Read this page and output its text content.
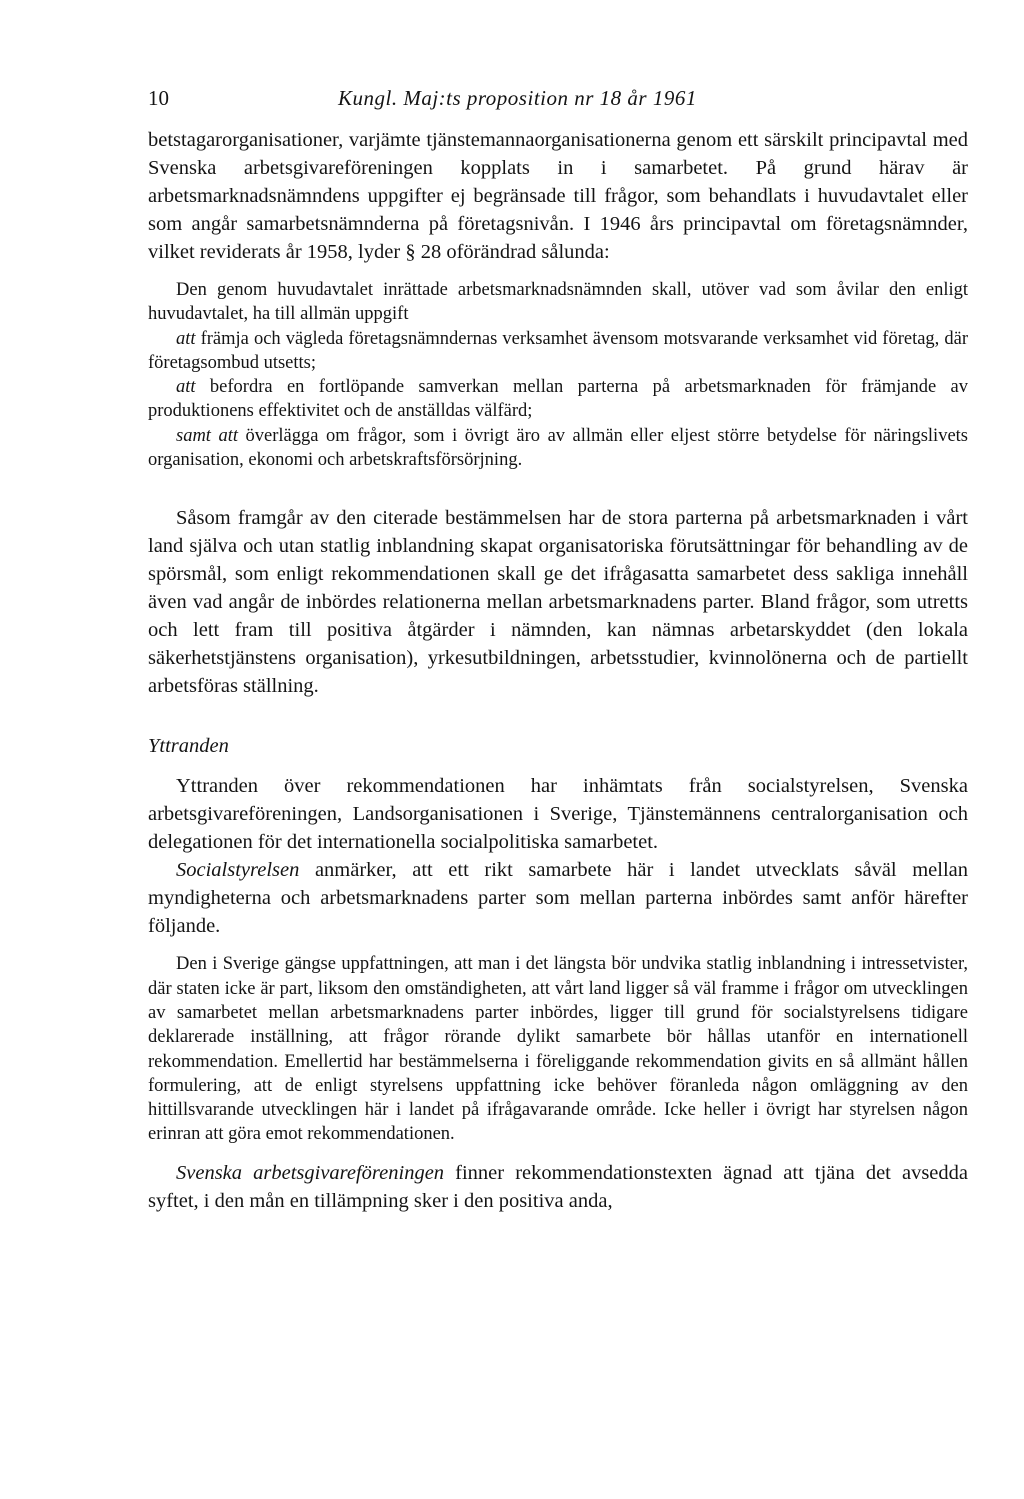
10	Kungl. Maj:ts proposition nr 18 år 1961

betstagarorganisationer, varjämte tjänstemannaorganisationerna genom ett särskilt principavtal med Svenska arbetsgivareföreningen kopplats in i samarbetet. På grund härav är arbetsmarknadsnämndens uppgifter ej begränsade till frågor, som behandlats i huvudavtalet eller som angår samarbetsnämnderna på företagsnivån. I 1946 års principavtal om företagsnämnder, vilket reviderats år 1958, lyder § 28 oförändrad sålunda:

Den genom huvudavtalet inrättade arbetsmarknadsnämnden skall, utöver vad som åvilar den enligt huvudavtalet, ha till allmän uppgift

att främja och vägleda företagsnämndernas verksamhet ävensom motsvarande verksamhet vid företag, där företagsombud utsetts;

att befordra en fortlöpande samverkan mellan parterna på arbetsmarknaden för främjande av produktionens effektivitet och de anställdas välfärd;

samt att överlägga om frågor, som i övrigt äro av allmän eller eljest större betydelse för näringslivets organisation, ekonomi och arbetskraftsförsörjning.

Såsom framgår av den citerade bestämmelsen har de stora parterna på arbetsmarknaden i vårt land själva och utan statlig inblandning skapat organisatoriska förutsättningar för behandling av de spörsmål, som enligt rekommendationen skall ge det ifrågasatta samarbetet dess sakliga innehåll även vad angår de inbördes relationerna mellan arbetsmarknadens parter. Bland frågor, som utretts och lett fram till positiva åtgärder i nämnden, kan nämnas arbetarskyddet (den lokala säkerhetstjänstens organisation), yrkesutbildningen, arbetsstudier, kvinnolönerna och de partiellt arbetsföras ställning.

Yttranden

Yttranden över rekommendationen har inhämtats från socialstyrelsen, Svenska arbetsgivareföreningen, Landsorganisationen i Sverige, Tjänstemännens centralorganisation och delegationen för det internationella socialpolitiska samarbetet.

Socialstyrelsen anmärker, att ett rikt samarbete här i landet utvecklats såväl mellan myndigheterna och arbetsmarknadens parter som mellan parterna inbördes samt anför härefter följande.

Den i Sverige gängse uppfattningen, att man i det längsta bör undvika statlig inblandning i intressetvister, där staten icke är part, liksom den omständigheten, att vårt land ligger så väl framme i frågor om utvecklingen av samarbetet mellan arbetsmarknadens parter inbördes, ligger till grund för socialstyrelsens tidigare deklarerade inställning, att frågor rörande dylikt samarbete bör hållas utanför en internationell rekommendation. Emellertid har bestämmelserna i föreliggande rekommendation givits en så allmänt hållen formulering, att de enligt styrelsens uppfattning icke behöver föranleda någon omläggning av den hittillsvarande utvecklingen här i landet på ifrågavarande område. Icke heller i övrigt har styrelsen någon erinran att göra emot rekommendationen.

Svenska arbetsgivareföreningen finner rekommendationstexten ägnad att tjäna det avsedda syftet, i den mån en tillämpning sker i den positiva anda,
